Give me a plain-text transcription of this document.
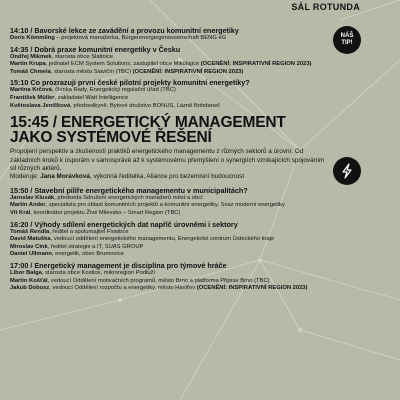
SÁL ROTUNDA
NÁŠ
TIP!
14:10 / Bavorské lekce ze zavádění a provozu komunitní energetiky
Doris Kömmling – projektová manažerka, Bürgerenergiegenossenschaft BENG eG
14:35 / Dobrá praxe komunitní energetiky v Česku
Ondřej Mikmek, starosta obce Slatinice
Martin Krupa, jednatel ECM System Solutions, zastupitel obce Mikolajice (OCENĚNÍ: INSPIRATIVNÍ REGION 2023)
Tomáš Chmela, starosta města Slavičín (TBC) (OCENĚNÍ: INSPIRATIVNÍ REGION 2023)
15:10 Co prozrazují první české pilotní projekty komunitní energetiky?
Martina Krčová, členka Rady, Energetický regulační úřad (TBC)
František Müller, zakladatel Watt Intelligence
Květoslava Jeníčková, předsedkyně, Bytové družstvo BONUS, Lázně Bohdaneč
15:45 / ENERGETICKÝ MANAGEMENT
JAKO SYSTÉMOVÉ ŘEŠENÍ
Propojení perspektiv a zkušeností praktiků energetického managementu z různých sektorů a úrovní. Od základních kroků k úsporám v samosprávě až k systémovému přemýšlení o synergiích vznikajících spojováním sil různých aktérů.
Moderuje: Jana Morávková, výkonná ředitelka, Aliance pro bezemisní budoucnost
15:50 / Stavební pilíře energetického managementu v municipalitách?
Jaroslav Klusák, předseda Sdružení energetických manažerů měst a obcí
Martin Ander, specialista pro oblast komunitních projektů a komunitní energetiky, Svaz moderní energetiky
Vít Král, koordinátor projektu Živé Milevsko – Smart Region (TBC)
16:20 / Výhody sdílení energetických dat napříč úrovněmi i sektory
Tomáš Rendla, ředitel a spolumajitel Flowbox
David Matuška, vedoucí oddělení energetického managementu, Energetické centrum Ústeckého kraje
Miroslav Cink, ředitel strategie a IT, SUAS GROUP
Daniel Ullmann, energetik, obec Brumovice
17:00 / Energetický management je disciplína pro týmové hráče
Libor Balga, starosta obce Kostice, mikroregion Podluží
Martin Košťál, vedoucí Oddělení motivačních programů, město Brno a platforma Připrav Brno (TBC)
Jakub Dobosz, vedoucí Oddělení rozpočtu a energetiky, město Havířov (OCENĚNÍ: INSPIRATIVNÍ REGION 2023)
